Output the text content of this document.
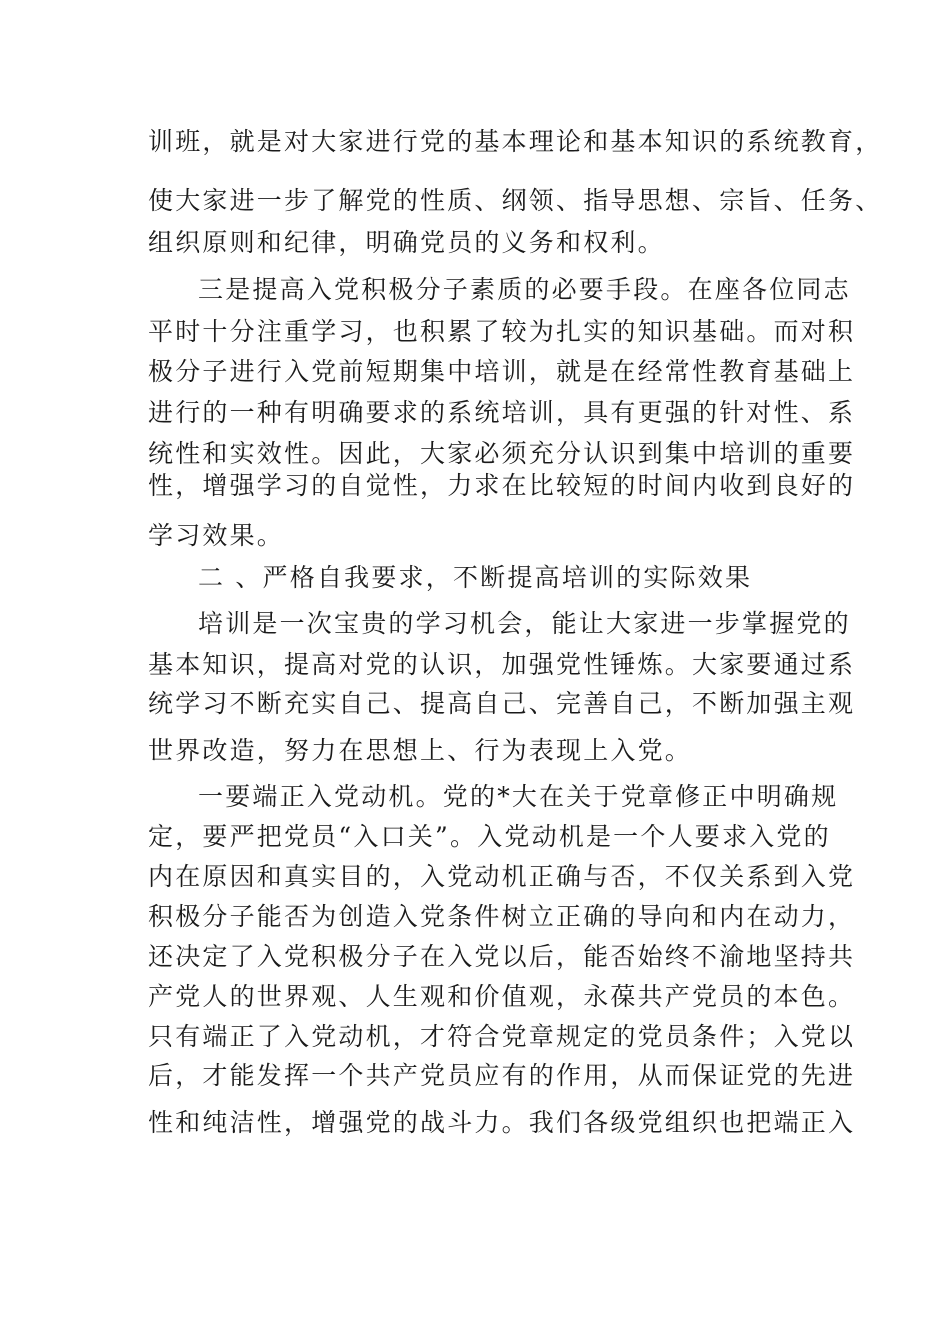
训班，就是对大家进行党的基本理论和基本知识的系统教育，
使大家进一步了解党的性质、纲领、指导思想、宗旨、任务、
组织原则和纪律，明确党员的义务和权利。
三是提高入党积极分子素质的必要手段。在座各位同志
平时十分注重学习，也积累了较为扎实的知识基础。而对积
极分子进行入党前短期集中培训，就是在经常性教育基础上
进行的一种有明确要求的系统培训，具有更强的针对性、系
统性和实效性。因此，大家必须充分认识到集中培训的重要
性，增强学习的自觉性，力求在比较短的时间内收到良好的
学习效果。
二 、严格自我要求，不断提高培训的实际效果
培训是一次宝贵的学习机会，能让大家进一步掌握党的
基本知识，提高对党的认识，加强党性锤炼。大家要通过系
统学习不断充实自己、提高自己、完善自己，不断加强主观
世界改造，努力在思想上、行为表现上入党。
一要端正入党动机。党的*大在关于党章修正中明确规
定，要严把党员“入口关”。入党动机是一个人要求入党的
内在原因和真实目的，入党动机正确与否，不仅关系到入党
积极分子能否为创造入党条件树立正确的导向和内在动力，
还决定了入党积极分子在入党以后，能否始终不渝地坚持共
产党人的世界观、人生观和价值观，永葆共产党员的本色。
只有端正了入党动机，才符合党章规定的党员条件；入党以
后，才能发挥一个共产党员应有的作用，从而保证党的先进
性和纯洁性，增强党的战斗力。我们各级党组织也把端正入
